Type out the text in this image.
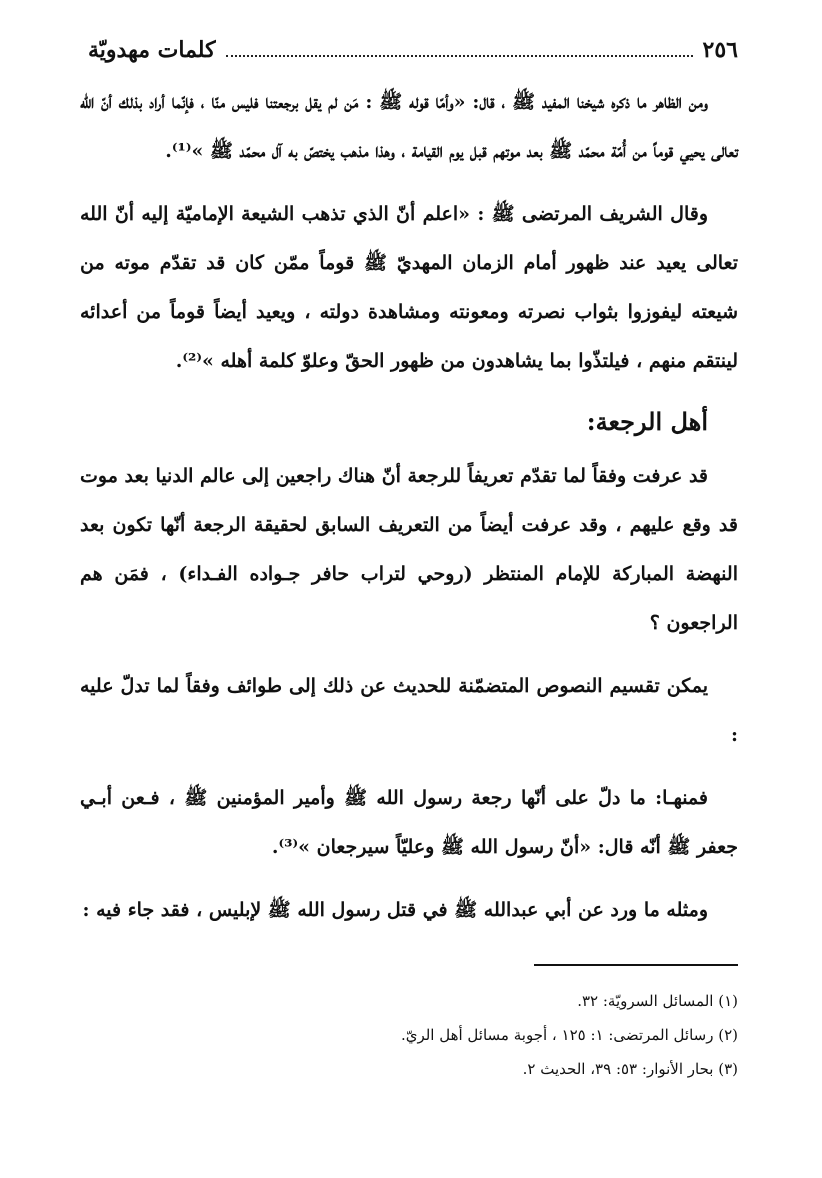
كلمات مهدويّة	٢٥٦

ومن الظاهر ما ذكره شيخنا المفيد ﷺ ، قال: «وأمّا قوله ﷺ : مَن لم يقل برجعتنا فليس منّا ، فإنّما أراد بذلك أنّ الله تعالى يحيي قوماً من أُمّة محمّد ﷺ بعد موتهم قبل يوم القيامة ، وهذا مذهب يختصّ به آل محمّد ﷺ »⁽¹⁾.

وقال الشريف المرتضى ﷺ : «اعلم أنّ الذي تذهب الشيعة الإماميّة إليه أنّ الله تعالى يعيد عند ظهور أمام الزمان المهديّ ﷺ قوماً ممّن كان قد تقدّم موته من شيعته ليفوزوا بثواب نصرته ومعونته ومشاهدة دولته ، ويعيد أيضاً قوماً من أعدائه لينتقم منهم ، فيلتذّوا بما يشاهدون من ظهور الحقّ وعلوّ كلمة أهله »⁽²⁾.

أهل الرجعة:

قد عرفت وفقاً لما تقدّم تعريفاً للرجعة أنّ هناك راجعين إلى عالم الدنيا بعد موت قد وقع عليهم ، وقد عرفت أيضاً من التعريف السابق لحقيقة الرجعة أنّها تكون بعد النهضة المباركة للإمام المنتظر (روحي لتراب حافر جـواده الفـداء) ، فمَن هم الراجعون ؟

يمكن تقسيم النصوص المتضمّنة للحديث عن ذلك إلى طوائف وفقاً لما تدلّ عليه :

فمنهـا: ما دلّ على أنّها رجعة رسول الله ﷺ وأمير المؤمنين ﷺ ، فـعن أبـي جعفر ﷺ أنّه قال: «أنّ رسول الله ﷺ وعليّاً سيرجعان »⁽³⁾.

ومثله ما ورد عن أبي عبدالله ﷺ في قتل رسول الله ﷺ لإبليس ، فقد جاء فيه :

(١) المسائل السرويّة: ٣٢.
(٢) رسائل المرتضى: ١: ١٢٥ ، أجوبة مسائل أهل الريّ.
(٣) بحار الأنوار: ٥٣: ٣٩، الحديث ٢.
